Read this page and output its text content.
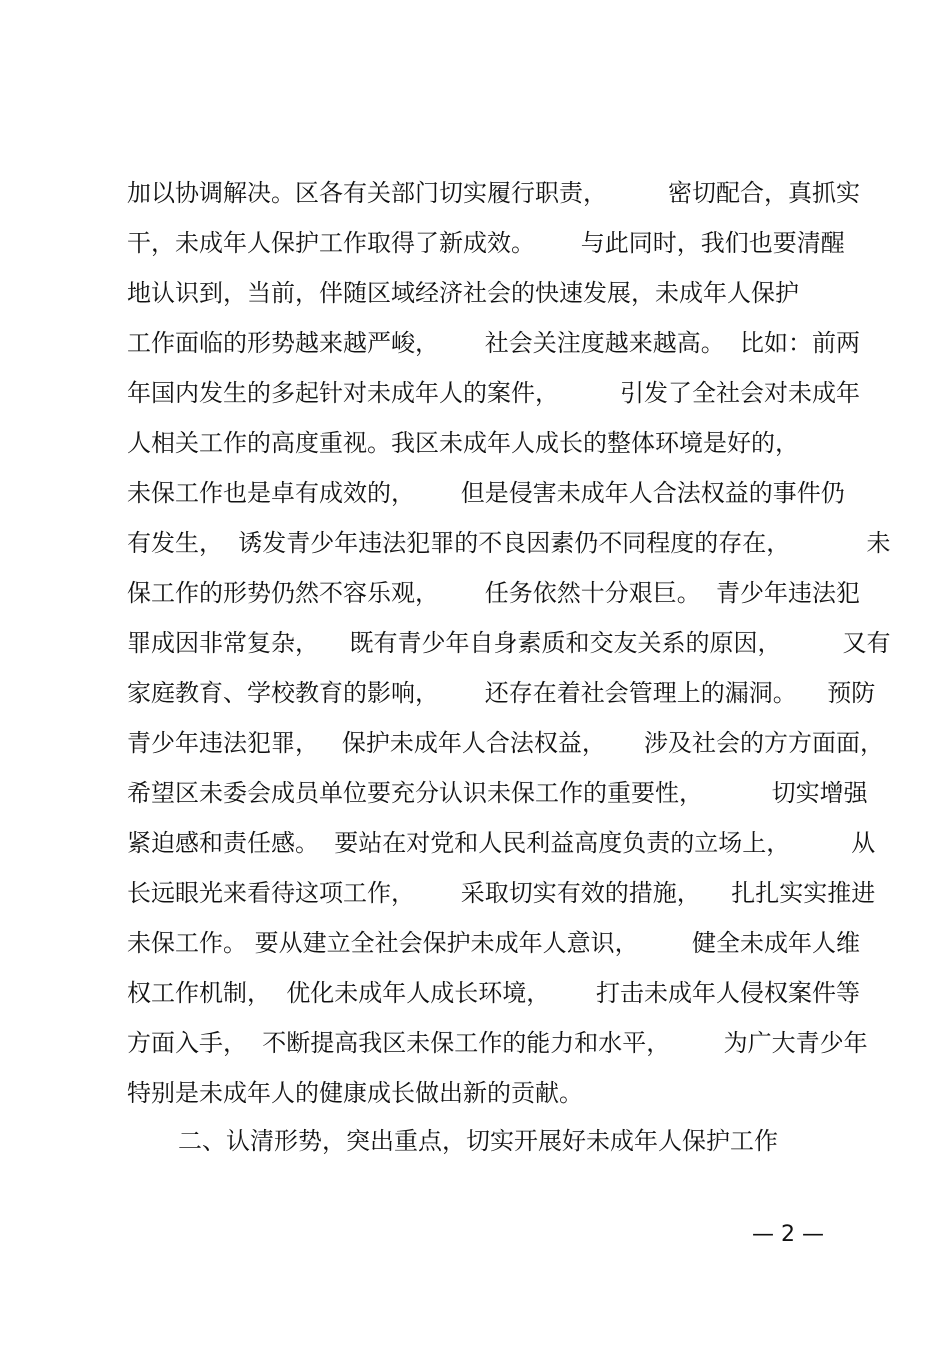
加以协调解决。区各有关部门切实履行职责，        密切配合，真抓实
干，未成年人保护工作取得了新成效。      与此同时，我们也要清醒
地认识到，当前，伴随区域经济社会的快速发展，未成年人保护
工作面临的形势越来越严峻，      社会关注度越来越高。  比如：前两
年国内发生的多起针对未成年人的案件，        引发了全社会对未成年
人相关工作的高度重视。我区未成年人成长的整体环境是好的，
未保工作也是卓有成效的，      但是侵害未成年人合法权益的事件仍
有发生，  诱发青少年违法犯罪的不良因素仍不同程度的存在，          未
保工作的形势仍然不容乐观，      任务依然十分艰巨。  青少年违法犯
罪成因非常复杂，    既有青少年自身素质和交友关系的原因，        又有
家庭教育、学校教育的影响，      还存在着社会管理上的漏洞。    预防
青少年违法犯罪，   保护未成年人合法权益，     涉及社会的方方面面，
希望区未委会成员单位要充分认识未保工作的重要性，         切实增强
紧迫感和责任感。  要站在对党和人民利益高度负责的立场上，        从
长远眼光来看待这项工作，      采取切实有效的措施，    扎扎实实推进
未保工作。 要从建立全社会保护未成年人意识，       健全未成年人维
权工作机制，  优化未成年人成长环境，      打击未成年人侵权案件等
方面入手，  不断提高我区未保工作的能力和水平，       为广大青少年
特别是未成年人的健康成长做出新的贡献。
二、认清形势，突出重点，切实开展好未成年人保护工作
— 2 —
